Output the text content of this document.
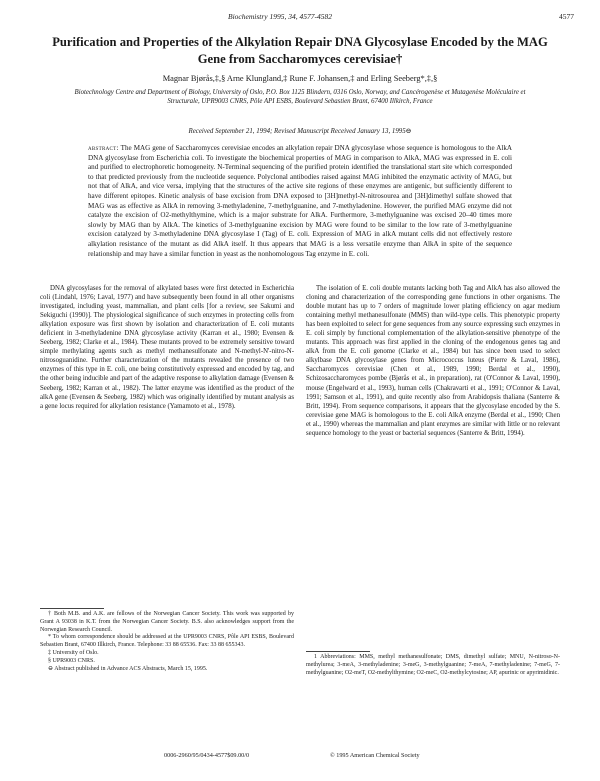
Biochemistry 1995, 34, 4577-4582	4577
Purification and Properties of the Alkylation Repair DNA Glycosylase Encoded by the MAG Gene from Saccharomyces cerevisiae†
Magnar Bjørås,‡,§ Arne Klungland,‡ Rune F. Johansen,‡ and Erling Seeberg*,‡,§
Biotechnology Centre and Department of Biology, University of Oslo, P.O. Box 1125 Blindern, 0316 Oslo, Norway, and Cancérogenèse et Mutagenèse Moléculaire et Structurale, UPR9003 CNRS, Pôle API ESBS, Boulevard Sebastien Brant, 67400 Illkirch, France
Received September 21, 1994; Revised Manuscript Received January 13, 1995⊖
abstract: The MAG gene of Saccharomyces cerevisiae encodes an alkylation repair DNA glycosylase whose sequence is homologous to the AlkA DNA glycosylase from Escherichia coli. To investigate the biochemical properties of MAG in comparison to AlkA, MAG was expressed in E. coli and purified to electrophoretic homogeneity. N-Terminal sequencing of the purified protein identified the translational start site which corresponded to that predicted previously from the nucleotide sequence. Polyclonal antibodies raised against MAG inhibited the enzymatic activity of MAG, but not that of AlkA, and vice versa, implying that the structures of the active site regions of these enzymes are antigenic, but sufficiently different to have different epitopes. Kinetic analysis of base excision from DNA exposed to [3H]methyl-N-nitrosourea and [3H]dimethyl sulfate showed that MAG was as effective as AlkA in removing 3-methyladenine, 7-methylguanine, and 7-methyladenine. However, the purified MAG enzyme did not catalyze the excision of O2-methylthymine, which is a major substrate for AlkA. Furthermore, 3-methylguanine was excised 20–40 times more slowly by MAG than by AlkA. The kinetics of 3-methylguanine excision by MAG were found to be similar to the low rate of 3-methylguanine excision catalyzed by 3-methyladenine DNA glycosylase I (Tag) of E. coli. Expression of MAG in alkA mutant cells did not effectively restore alkylation resistance of the mutant as did AlkA itself. It thus appears that MAG is a less versatile enzyme than AlkA in spite of the sequence relationship and may have a similar function in yeast as the nonhomologous Tag enzyme in E. coli.

DNA glycosylases for the removal of alkylated bases were first detected in Escherichia coli (Lindahl, 1976; Laval, 1977) and have subsequently been found in all other organisms investigated, including yeast, mammalian, and plant cells [for a review, see Sakumi and Sekiguchi (1990)]. The physiological significance of such enzymes in protecting cells from alkylation exposure was first shown by isolation and characterization of E. coli mutants deficient in 3-methyladenine DNA glycosylase activity (Karran et al., 1980; Evensen & Seeberg, 1982; Clarke et al., 1984). These mutants proved to be extremely sensitive toward simple methylating agents such as methyl methanesulfonate and N-methyl-N'-nitro-N-nitrosoguanidine. Further characterization of the mutants revealed the presence of two enzymes of this type in E. coli, one being constitutively expressed and encoded by tag, and the other being inducible and part of the adaptive response to alkylation damage (Evensen & Seeberg, 1982; Karran et al., 1982). The latter enzyme was identified as the product of the alkA gene (Evensen & Seeberg, 1982) which was originally identified by mutant analysis as a gene locus required for alkylation resistance (Yamamoto et al., 1978).

The isolation of E. coli double mutants lacking both Tag and AlkA has also allowed the cloning and characterization of the corresponding gene functions in other organisms. The double mutant has up to 7 orders of magnitude lower plating efficiency on agar medium containing methyl methanesulfonate (MMS) than wild-type cells. This phenotypic property has been exploited to select for gene sequences from any source expressing such enzymes in E. coli simply by functional complementation of the alkylation-sensitive phenotype of the mutants. This approach was first applied in the cloning of the endogenous genes tag and alkA from the E. coli genome (Clarke et al., 1984) but has since been used to select alkylbase DNA glycosylase genes from Micrococcus luteus (Pierre & Laval, 1986), Saccharomyces cerevisiae (Chen et al., 1989, 1990; Berdal et al., 1990), Schizosaccharomyces pombe (Bjørås et al., in preparation), rat (O'Connor & Laval, 1990), mouse (Engelward et al., 1993), human cells (Chakravarti et al., 1991; O'Connor & Laval, 1991; Samson et al., 1991), and quite recently also from Arabidopsis thaliana (Santerre & Britt, 1994). From sequence comparisons, it appears that the glycosylase encoded by the S. cerevisiae gene MAG is homologous to the E. coli AlkA enzyme (Berdal et al., 1990; Chen et al., 1990) whereas the mammalian and plant enzymes are similar with little or no relevant sequence homology to the yeast or bacterial sequences (Santerre & Britt, 1994).

† Both M.B. and A.K. are fellows of the Norwegian Cancer Society. This work was supported by Grant A 93038 in K.T. from the Norwegian Cancer Society. B.S. also acknowledges support from the Norwegian Research Council.

* To whom correspondence should be addressed at the UPR9003 CNRS, Pôle API ESBS, Boulevard Sebastien Brant, 67400 Illkirch, France. Telephone: 33 88 65536. Fax: 33 88 655343.

‡ University of Oslo.

§ UPR9003 CNRS.

⊖ Abstract published in Advance ACS Abstracts, March 15, 1995.

1 Abbreviations: MMS, methyl methanesulfonate; DMS, dimethyl sulfate; MNU, N-nitroso-N-methylurea; 3-meA, 3-methyladenine; 3-meG, 3-methylguanine; 7-meA, 7-methyladenine; 7-meG, 7-methylguanine; O2-meT, O2-methylthymine; O2-meC, O2-methylcytosine; AP, apurinic or apyrimidinic.

0006-2960/95/0434-4577$09.00/0	© 1995 American Chemical Society
